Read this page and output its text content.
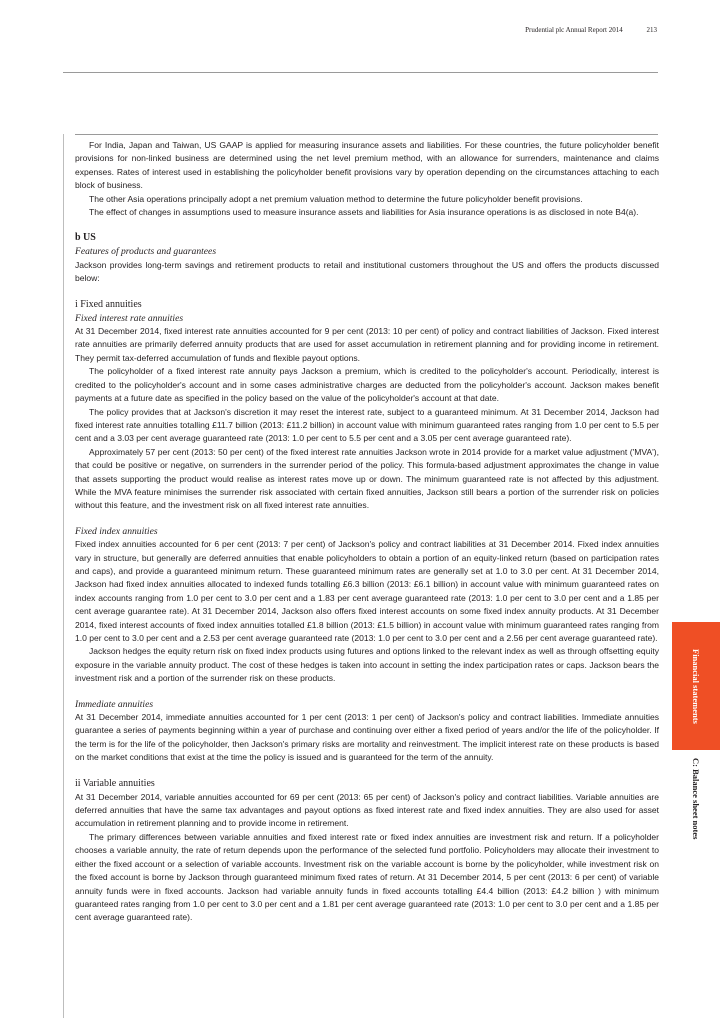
Prudential plc Annual Report 2014	213

For India, Japan and Taiwan, US GAAP is applied for measuring insurance assets and liabilities. For these countries, the future policyholder benefit provisions for non-linked business are determined using the net level premium method, with an allowance for surrenders, maintenance and claims expenses. Rates of interest used in establishing the policyholder benefit provisions vary by operation depending on the circumstances attaching to each block of business.

The other Asia operations principally adopt a net premium valuation method to determine the future policyholder benefit provisions.

The effect of changes in assumptions used to measure insurance assets and liabilities for Asia insurance operations is as disclosed in note B4(a).

b US
Features of products and guarantees

Jackson provides long-term savings and retirement products to retail and institutional customers throughout the US and offers the products discussed below:

i Fixed annuities
Fixed interest rate annuities

At 31 December 2014, fixed interest rate annuities accounted for 9 per cent (2013: 10 per cent) of policy and contract liabilities of Jackson. Fixed interest rate annuities are primarily deferred annuity products that are used for asset accumulation in retirement planning and for providing income in retirement. They permit tax-deferred accumulation of funds and flexible payout options.

The policyholder of a fixed interest rate annuity pays Jackson a premium, which is credited to the policyholder's account. Periodically, interest is credited to the policyholder's account and in some cases administrative charges are deducted from the policyholder's account. Jackson makes benefit payments at a future date as specified in the policy based on the value of the policyholder's account at that date.

The policy provides that at Jackson's discretion it may reset the interest rate, subject to a guaranteed minimum. At 31 December 2014, Jackson had fixed interest rate annuities totalling £11.7 billion (2013: £11.2 billion) in account value with minimum guaranteed rates ranging from 1.0 per cent to 5.5 per cent and a 3.03 per cent average guaranteed rate (2013: 1.0 per cent to 5.5 per cent and a 3.05 per cent average guaranteed rate).

Approximately 57 per cent (2013: 50 per cent) of the fixed interest rate annuities Jackson wrote in 2014 provide for a market value adjustment ('MVA'), that could be positive or negative, on surrenders in the surrender period of the policy. This formula-based adjustment approximates the change in value that assets supporting the product would realise as interest rates move up or down. The minimum guaranteed rate is not affected by this adjustment. While the MVA feature minimises the surrender risk associated with certain fixed annuities, Jackson still bears a portion of the surrender risk on policies without this feature, and the investment risk on all fixed interest rate annuities.

Fixed index annuities

Fixed index annuities accounted for 6 per cent (2013: 7 per cent) of Jackson's policy and contract liabilities at 31 December 2014. Fixed index annuities vary in structure, but generally are deferred annuities that enable policyholders to obtain a portion of an equity-linked return (based on participation rates and caps), and provide a guaranteed minimum return. These guaranteed minimum rates are generally set at 1.0 to 3.0 per cent. At 31 December 2014, Jackson had fixed index annuities allocated to indexed funds totalling £6.3 billion (2013: £6.1 billion) in account value with minimum guaranteed rates on index accounts ranging from 1.0 per cent to 3.0 per cent and a 1.83 per cent average guaranteed rate (2013: 1.0 per cent to 3.0 per cent and a 1.85 per cent average guarantee rate). At 31 December 2014, Jackson also offers fixed interest accounts on some fixed index annuity products. At 31 December 2014, fixed interest accounts of fixed index annuities totalled £1.8 billion (2013: £1.5 billion) in account value with minimum guaranteed rates ranging from 1.0 per cent to 3.0 per cent and a 2.53 per cent average guaranteed rate (2013: 1.0 per cent to 3.0 per cent and a 2.56 per cent average guaranteed rate).

Jackson hedges the equity return risk on fixed index products using futures and options linked to the relevant index as well as through offsetting equity exposure in the variable annuity product. The cost of these hedges is taken into account in setting the index participation rates or caps. Jackson bears the investment risk and a portion of the surrender risk on these products.

Immediate annuities

At 31 December 2014, immediate annuities accounted for 1 per cent (2013: 1 per cent) of Jackson's policy and contract liabilities. Immediate annuities guarantee a series of payments beginning within a year of purchase and continuing over either a fixed period of years and/or the life of the policyholder. If the term is for the life of the policyholder, then Jackson's primary risks are mortality and reinvestment. The implicit interest rate on these products is based on the market conditions that exist at the time the policy is issued and is guaranteed for the term of the annuity.

ii Variable annuities

At 31 December 2014, variable annuities accounted for 69 per cent (2013: 65 per cent) of Jackson's policy and contract liabilities. Variable annuities are deferred annuities that have the same tax advantages and payout options as fixed interest rate and fixed index annuities. They are also used for asset accumulation in retirement planning and to provide income in retirement.

The primary differences between variable annuities and fixed interest rate or fixed index annuities are investment risk and return. If a policyholder chooses a variable annuity, the rate of return depends upon the performance of the selected fund portfolio. Policyholders may allocate their investment to either the fixed account or a selection of variable accounts. Investment risk on the variable account is borne by the policyholder, while investment risk on the fixed account is borne by Jackson through guaranteed minimum fixed rates of return. At 31 December 2014, 5 per cent (2013: 6 per cent) of variable annuity funds were in fixed accounts. Jackson had variable annuity funds in fixed accounts totalling £4.4 billion (2013: £4.2 billion ) with minimum guaranteed rates ranging from 1.0 per cent to 3.0 per cent and a 1.81 per cent average guaranteed rate (2013: 1.0 per cent to 3.0 per cent and a 1.85 per cent average guaranteed rate).

Financial statements
C: Balance sheet notes
